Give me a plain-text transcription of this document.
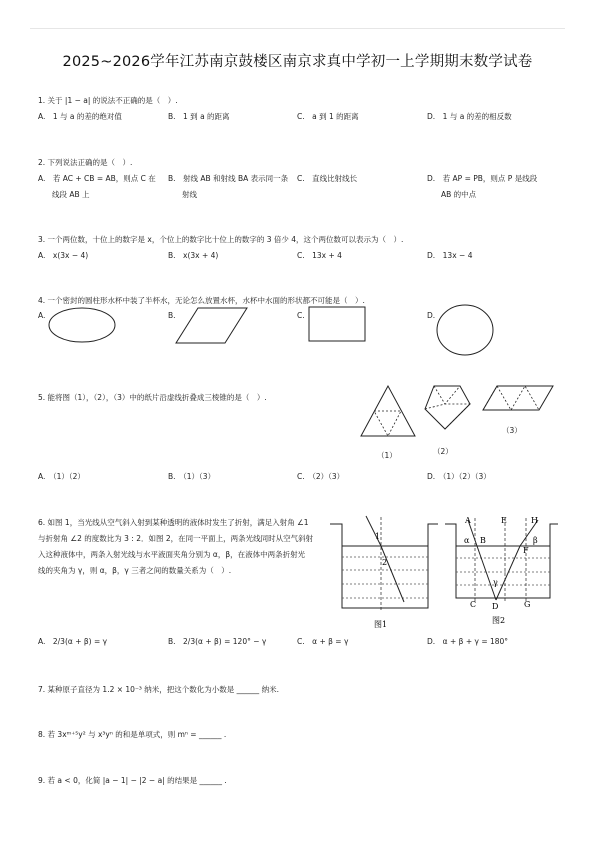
2025~2026学年江苏南京鼓楼区南京求真中学初一上学期期末数学试卷
1. 关于 |1 − a| 的说法不正确的是（　）.
A.　1 与 a 的差的绝对值	B.　1 到 a 的距离	C.　a 到 1 的距离	D.　1 与 a 的差的相反数
2. 下列说法正确的是（　）.
A.　若 AC + CB = AB，则点 C 在
线段 AB 上
B.　射线 AB 和射线 BA 表示同一条
射线
C.　直线比射线长	D.　若 AP = PB，则点 P 是线段
AB 的中点
3. 一个两位数，十位上的数字是 x，个位上的数字比十位上的数字的 3 倍少 4，这个两位数可以表示为（　）.
A.　x(3x − 4)	B.　x(3x + 4)	C.　13x + 4	D.　13x − 4
4. 一个密封的圆柱形水杯中装了半杯水，无论怎么放置水杯，水杯中水面的形状都不可能是（　）.
A.	B.	C.	D.
5. 能将图（1），（2），（3）中的纸片沿虚线折叠成三棱锥的是（　）.
（1）	（2）
（3）
A.　（1）（2）	B.　（1）（3）	C.　（2）（3）	D.　（1）（2）（3）
6. 如图 1，当光线从空气斜入射到某种透明的液体时发生了折射，满足入射角 ∠1
与折射角 ∠2 的度数比为 3 : 2．如图 2，在同一平面上，两条光线同时从空气斜射
入这种液体中，两条入射光线与水平液面夹角分别为 α，β，在液体中两条折射光
线的夹角为 γ，则 α，β，γ 三者之间的数量关系为（　）.
1
2
图1
A	E	H
α B
F
β
γ
C D	G
图2
A.　2/3(α + β) = γ	B.　2/3(α + β) = 120° − γ	C.　α + β = γ	D.　α + β + γ = 180°
7. 某种原子直径为 1.2 × 10⁻³ 纳米，把这个数化为小数是 ______ 纳米.
8. 若 3xᵐ⁺⁵y² 与 x³yⁿ 的和是单项式，则 mⁿ = ______ .
9. 若 a < 0，化简 |a − 1| − |2 − a| 的结果是 ______ .
